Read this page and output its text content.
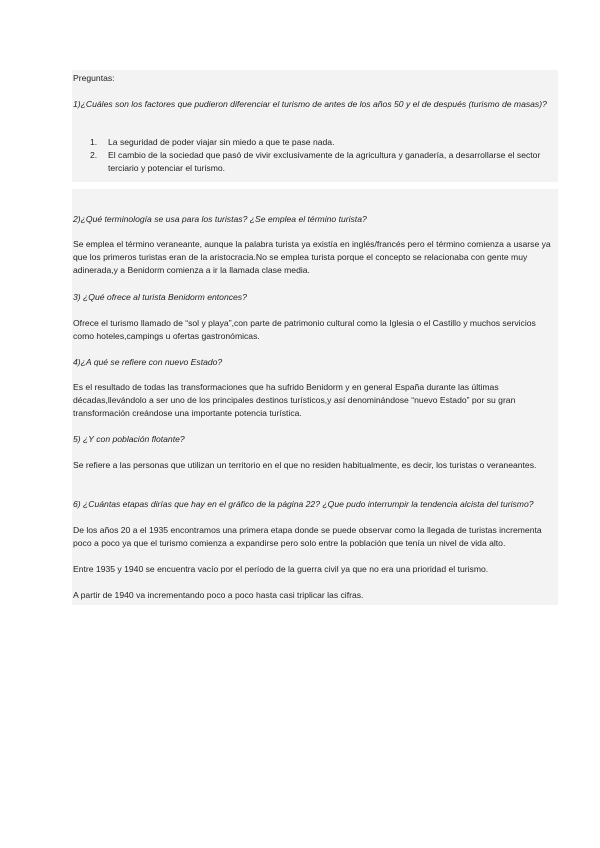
Preguntas:

1)¿Cuáles son los factores que pudieron diferenciar el turismo de antes de los años 50 y el de después (turismo de masas)?

1. La seguridad de poder viajar sin miedo a que te pase nada.
2. El cambio de la sociedad que pasó de vivir exclusivamente de la agricultura y ganadería, a desarrollarse el sector terciario y potenciar el turismo.

2)¿Qué terminología se usa para los turistas? ¿Se emplea el término turista?

Se emplea el término veraneante, aunque la palabra turista ya existía en inglés/francés pero el término comienza a usarse ya que los primeros turistas eran de la aristocracia.No se emplea turista porque el concepto se relacionaba con gente muy adinerada,y a Benidorm comienza a ir la llamada clase media.

3) ¿Qué ofrece al turista Benidorm entonces?

Ofrece el turismo llamado de “sol y playa”,con parte de patrimonio cultural como la Iglesia o el Castillo y muchos servicios como hoteles,campings u ofertas gastronómicas.

4)¿A qué se refiere con nuevo Estado?

Es el resultado de todas las transformaciones que ha sufrido Benidorm y en general España durante las últimas décadas,llevándolo a ser uno de los principales destinos turísticos,y así denominándose “nuevo Estado” por su gran transformación creándose una importante potencia turística.

5) ¿Y con población flotante?

Se refiere a las personas que utilizan un territorio en el que no residen habitualmente, es decir, los turistas o veraneantes.

6) ¿Cuántas etapas dirías que hay en el gráfico de la página 22? ¿Que pudo interrumpir la tendencia alcista del turismo?

De los años 20 a el 1935 encontramos una primera etapa donde se puede observar como la llegada de turistas incrementa poco a poco ya que el turismo comienza a expandirse pero solo entre la población que tenía un nivel de vida alto.

Entre 1935 y 1940 se encuentra vacío por el período de la guerra civil ya que no era una prioridad el turismo.

A partir de 1940 va incrementando poco a poco hasta casi triplicar las cifras.
